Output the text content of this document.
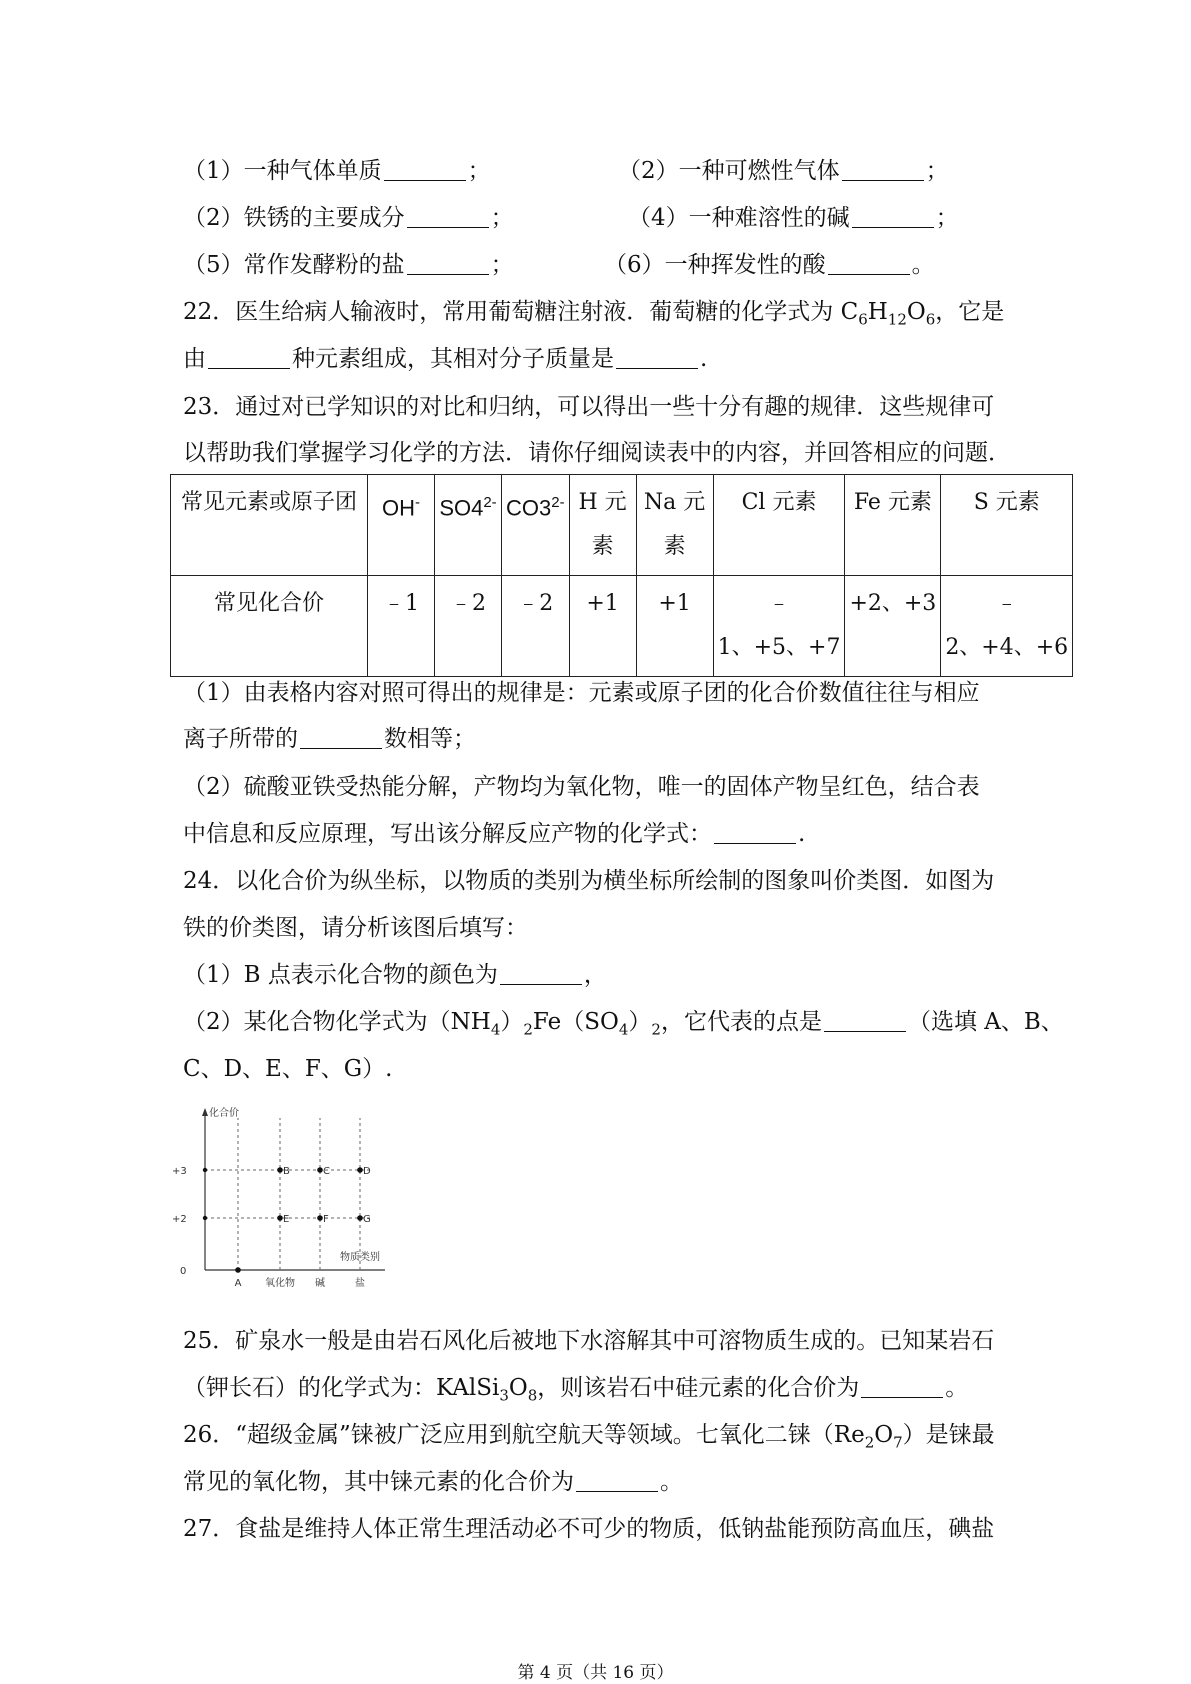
（1）一种气体单质	；	（2）一种可燃性气体	；
（2）铁锈的主要成分	；	（4）一种难溶性的碱	；
（5）常作发酵粉的盐	；	（6）一种挥发性的酸	。
22．医生给病人输液时，常用葡萄糖注射液．葡萄糖的化学式为 $C_6H_{12}O_6$，它是
由	种元素组成，其相对分子质量是	.
23．通过对已学知识的对比和归纳，可以得出一些十分有趣的规律．这些规律可
以帮助我们掌握学习化学的方法．请你仔细阅读表中的内容，并回答相应的问题．
常见元素或原子团	OH-	$SO4^{2-}$	$CO3^{2-}$	H 元素	Na 元素	Cl 元素	Fe 元素	S 元素
常见化合价	﹣1	﹣2	﹣2	+1	+1	﹣1、+5、+7	+2、+3	﹣2、+4、+6
（1）由表格内容对照可得出的规律是：元素或原子团的化合价数值往往与相应
离子所带的	数相等；
（2）硫酸亚铁受热能分解，产物均为氧化物，唯一的固体产物呈红色，结合表
中信息和反应原理，写出该分解反应产物的化学式：	.
24．以化合价为纵坐标，以物质的类别为横坐标所绘制的图象叫价类图．如图为
铁的价类图，请分析该图后填写：
（1）B 点表示化合物的颜色为	，
（2）某化合物化学式为$(NH_4)_2Fe(SO_4)_2$，它代表的点是	（选填 A、B、
C、D、E、F、G）.
化合价
物质类别
+3
+2
0
A 氧化物 碱	盐
B	C	D
E	F	G
25．矿泉水一般是由岩石风化后被地下水溶解其中可溶物质生成的。已知某岩石
（钾长石）的化学式为：$KAlSi_3O_8$，则该岩石中硅元素的化合价为	。
26．“超级金属”铼被广泛应用到航空航天等领域。七氧化二铼$(Re_2O_7)$是铼最
常见的氧化物，其中铼元素的化合价为	。
27．食盐是维持人体正常生理活动必不可少的物质，低钠盐能预防高血压，碘盐
第 4 页（共 16 页）
